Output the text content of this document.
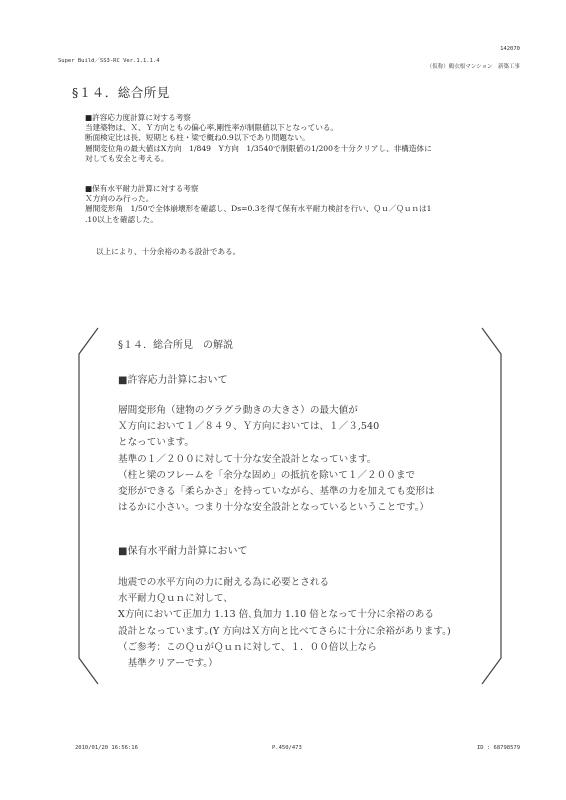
Super Build／SS3-RC Ver.1.1.1.4
142070
（仮称）鶴衣根マンション　新築工事
§１４．総合所見
■許容応力度計算に対する考察
当建築物は、Ｘ、Ｙ方向ともの偏心率,剛性率が制限値以下となっている。
断面検定比は長、短期とも柱・梁で概ね0.9以下であり問題ない。
層間変位角の最大値はX方向　1/849　Y方向　1/3540で制限値の1/200を十分クリアし、非構造体に
対しても安全と考える。
■保有水平耐力計算に対する考察
Ｘ方向のみ行った。
層間変形角　1/50で全体崩壊形を確認し、Ds=0.3を得て保有水平耐力検討を行い、Ｑｕ／Ｑｕｎは1
.10以上を確認した。
以上により、十分余裕のある設計である。
§１４．総合所見　の解説
■許容応力計算において
層間変形角（建物のグラグラ動きの大きさ）の最大値が
Ｘ方向において１／８４９、Ｙ方向においては、１／３,540
となっています。
基準の１／２００に対して十分な安全設計となっています。
（柱と梁のフレームを「余分な固め」の抵抗を除いて１／２００まで
変形ができる「柔らかさ」を持っていながら、基準の力を加えても変形は
はるかに小さい。つまり十分な安全設計となっているということです。）
■保有水平耐力計算において
地震での水平方向の力に耐える為に必要とされる
水平耐力Ｑｕｎに対して、
X方向において正加力 1.13 倍､負加力 1.10 倍となって十分に余裕のある
設計となっています｡(Y 方向はＸ方向と比べてさらに十分に余裕があります。)
（ご参考：このＱｕがＱｕｎに対して、１．００倍以上なら
　基準クリアーです。）
2010/01/20 16:56:16	P.450/473	ID : 68798579
